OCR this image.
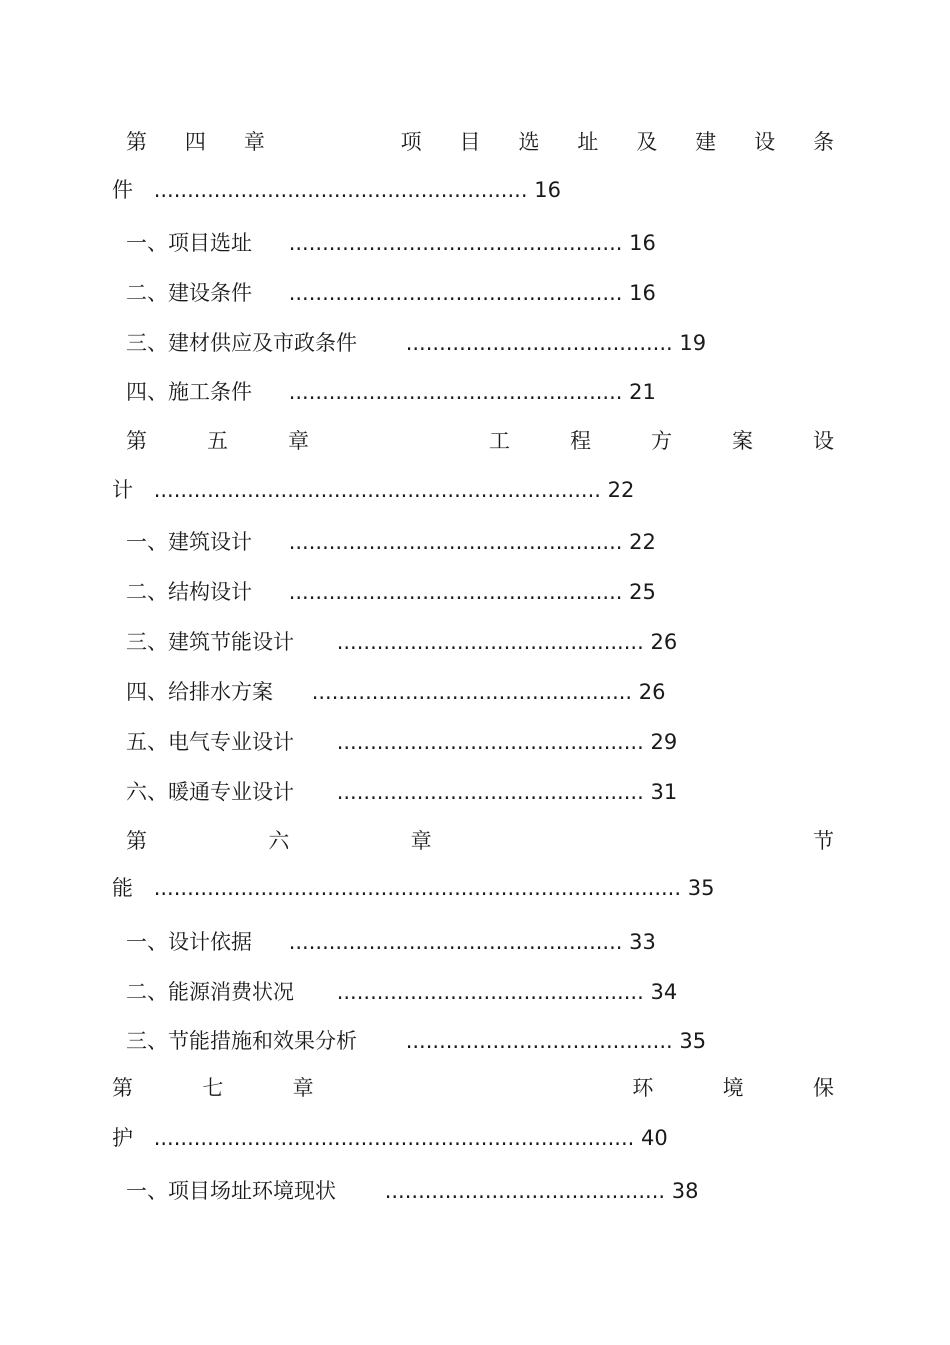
第 四 章	项 目 选 址 及 建 设 条
件 ........................................................ 16
一、项目选址 .................................................. 16
二、建设条件 .................................................. 16
三、建材供应及市政条件 ........................................ 19
四、施工条件 .................................................. 21
第	五	章	工	程	方	案	设
计 ................................................................... 22
一、建筑设计 .................................................. 22
二、结构设计 .................................................. 25
三、建筑节能设计 .............................................. 26
四、给排水方案 ................................................ 26
五、电气专业设计 .............................................. 29
六、暖通专业设计 .............................................. 31
第	六	章	节
能 ............................................................................... 35
一、设计依据 .................................................. 33
二、能源消费状况 .............................................. 34
三、节能措施和效果分析 ........................................ 35
第	七	章	环	境	保
护 ........................................................................ 40
一、项目场址环境现状 .......................................... 38
